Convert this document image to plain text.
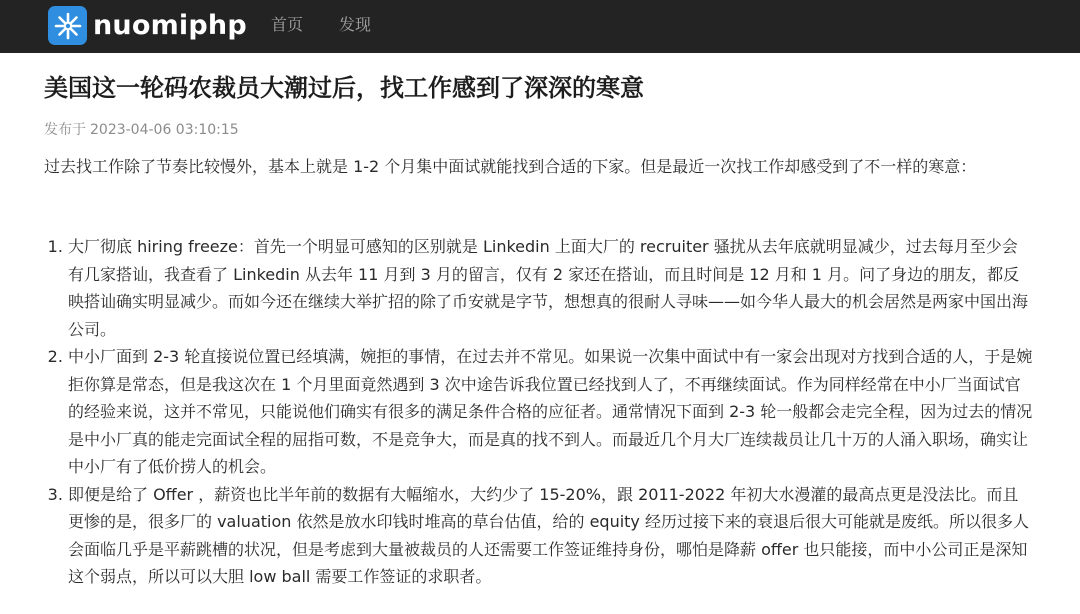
nuomiphp 首页 发现
美国这一轮码农裁员大潮过后，找工作感到了深深的寒意
发布于 2023-04-06 03:10:15

过去找工作除了节奏比较慢外，基本上就是 1-2 个月集中面试就能找到合适的下家。但是最近一次找工作却感受到了不一样的寒意：

1. 大厂彻底 hiring freeze：首先一个明显可感知的区别就是 Linkedin 上面大厂的 recruiter 骚扰从去年底就明显减少，过去每月至少会有几家搭讪，我查看了 Linkedin 从去年 11 月到 3 月的留言，仅有 2 家还在搭讪，而且时间是 12 月和 1 月。问了身边的朋友，都反映搭讪确实明显减少。而如今还在继续大举扩招的除了币安就是字节，想想真的很耐人寻味——如今华人最大的机会居然是两家中国出海公司。
2. 中小厂面到 2-3 轮直接说位置已经填满，婉拒的事情，在过去并不常见。如果说一次集中面试中有一家会出现对方找到合适的人，于是婉拒你算是常态，但是我这次在 1 个月里面竟然遇到 3 次中途告诉我位置已经找到人了，不再继续面试。作为同样经常在中小厂当面试官的经验来说，这并不常见，只能说他们确实有很多的满足条件合格的应征者。通常情况下面到 2-3 轮一般都会走完全程，因为过去的情况是中小厂真的能走完面试全程的屈指可数，不是竞争大，而是真的找不到人。而最近几个月大厂连续裁员让几十万的人涌入职场，确实让中小厂有了低价捞人的机会。
3. 即便是给了 Offer ，薪资也比半年前的数据有大幅缩水，大约少了 15-20%，跟 2011-2022 年初大水漫灌的最高点更是没法比。而且更惨的是，很多厂的 valuation 依然是放水印钱时堆高的草台估值，给的 equity 经历过接下来的衰退后很大可能就是废纸。所以很多人会面临几乎是平薪跳槽的状况，但是考虑到大量被裁员的人还需要工作签证维持身份，哪怕是降薪 offer 也只能接，而中小公司正是深知这个弱点，所以可以大胆 low ball 需要工作签证的求职者。
